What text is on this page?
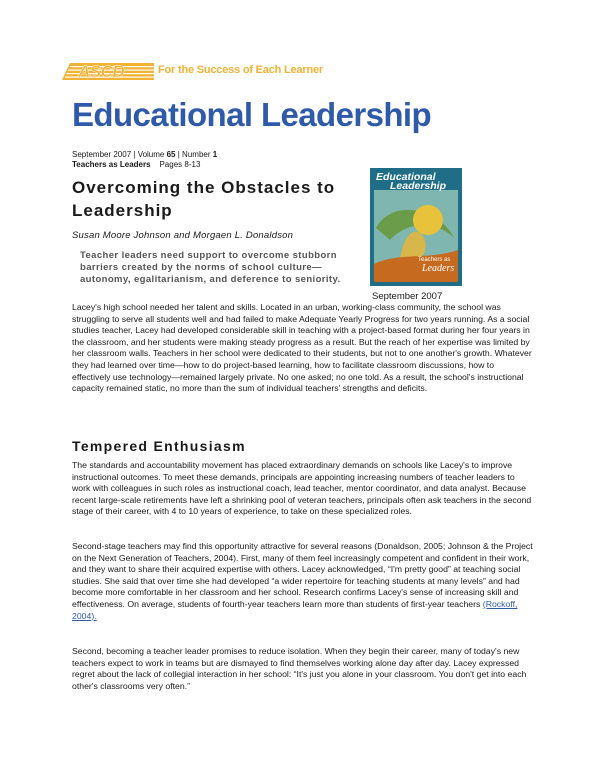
ASCD	For the Success of Each Learner
Educational Leadership
September 2007 | Volume 65 | Number 1
Teachers as Leaders Pages 8-13
Overcoming the Obstacles to Leadership
Susan Moore Johnson and Morgaen L. Donaldson
Teacher leaders need support to overcome stubborn barriers created by the norms of school culture—autonomy, egalitarianism, and deference to seniority.
Educational
Leadership
Teachers as
Leaders
September 2007

Lacey's high school needed her talent and skills. Located in an urban, working-class community, the school was struggling to serve all students well and had failed to make Adequate Yearly Progress for two years running. As a social studies teacher, Lacey had developed considerable skill in teaching with a project-based format during her four years in the classroom, and her students were making steady progress as a result. But the reach of her expertise was limited by her classroom walls. Teachers in her school were dedicated to their students, but not to one another's growth. Whatever they had learned over time—how to do project-based learning, how to facilitate classroom discussions, how to effectively use technology—remained largely private. No one asked; no one told. As a result, the school's instructional capacity remained static, no more than the sum of individual teachers' strengths and deficits.

Tempered Enthusiasm

The standards and accountability movement has placed extraordinary demands on schools like Lacey's to improve instructional outcomes. To meet these demands, principals are appointing increasing numbers of teacher leaders to work with colleagues in such roles as instructional coach, lead teacher, mentor coordinator, and data analyst. Because recent large-scale retirements have left a shrinking pool of veteran teachers, principals often ask teachers in the second stage of their career, with 4 to 10 years of experience, to take on these specialized roles.

Second-stage teachers may find this opportunity attractive for several reasons (Donaldson, 2005; Johnson & the Project on the Next Generation of Teachers, 2004). First, many of them feel increasingly competent and confident in their work, and they want to share their acquired expertise with others. Lacey acknowledged, “I'm pretty good” at teaching social studies. She said that over time she had developed “a wider repertoire for teaching students at many levels” and had become more comfortable in her classroom and her school. Research confirms Lacey's sense of increasing skill and effectiveness. On average, students of fourth-year teachers learn more than students of first-year teachers (Rockoff, 2004).

Second, becoming a teacher leader promises to reduce isolation. When they begin their career, many of today's new teachers expect to work in teams but are dismayed to find themselves working alone day after day. Lacey expressed regret about the lack of collegial interaction in her school: “It's just you alone in your classroom. You don't get into each other's classrooms very often.”
